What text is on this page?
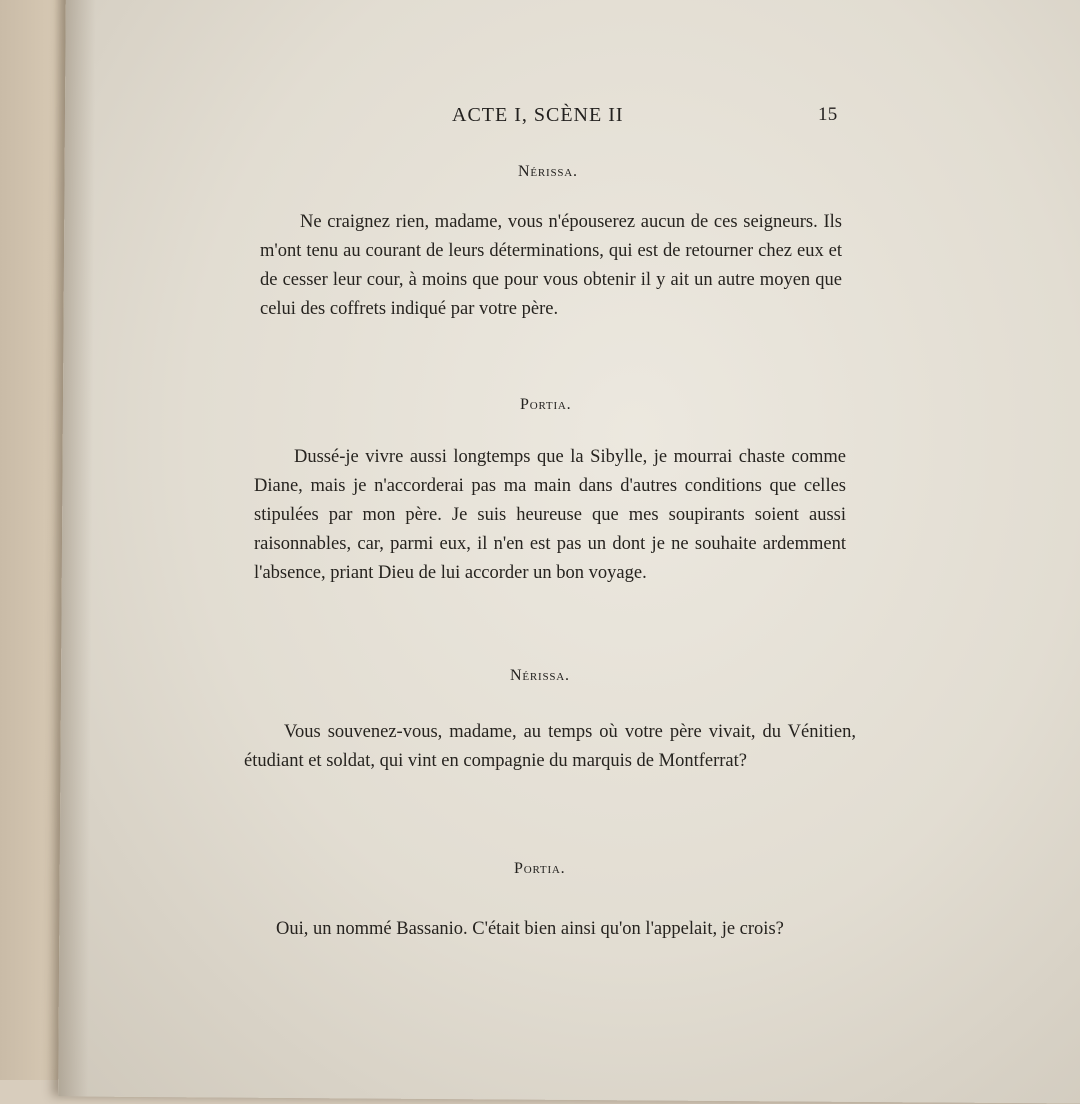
ACTE I, SCÈNE II	15
Nérissa.
Ne craignez rien, madame, vous n'épouserez aucun de ces seigneurs. Ils m'ont tenu au courant de leurs déterminations, qui est de retourner chez eux et de cesser leur cour, à moins que pour vous obtenir il y ait un autre moyen que celui des coffrets indiqué par votre père.
Portia.
Dussé-je vivre aussi longtemps que la Sibylle, je mourrai chaste comme Diane, mais je n'accorderai pas ma main dans d'autres conditions que celles stipulées par mon père. Je suis heureuse que mes soupirants soient aussi raisonnables, car, parmi eux, il n'en est pas un dont je ne souhaite ardemment l'absence, priant Dieu de lui accorder un bon voyage.
Nérissa.
Vous souvenez-vous, madame, au temps où votre père vivait, du Vénitien, étudiant et soldat, qui vint en compagnie du marquis de Montferrat?
Portia.
Oui, un nommé Bassanio. C'était bien ainsi qu'on l'appelait, je crois?
